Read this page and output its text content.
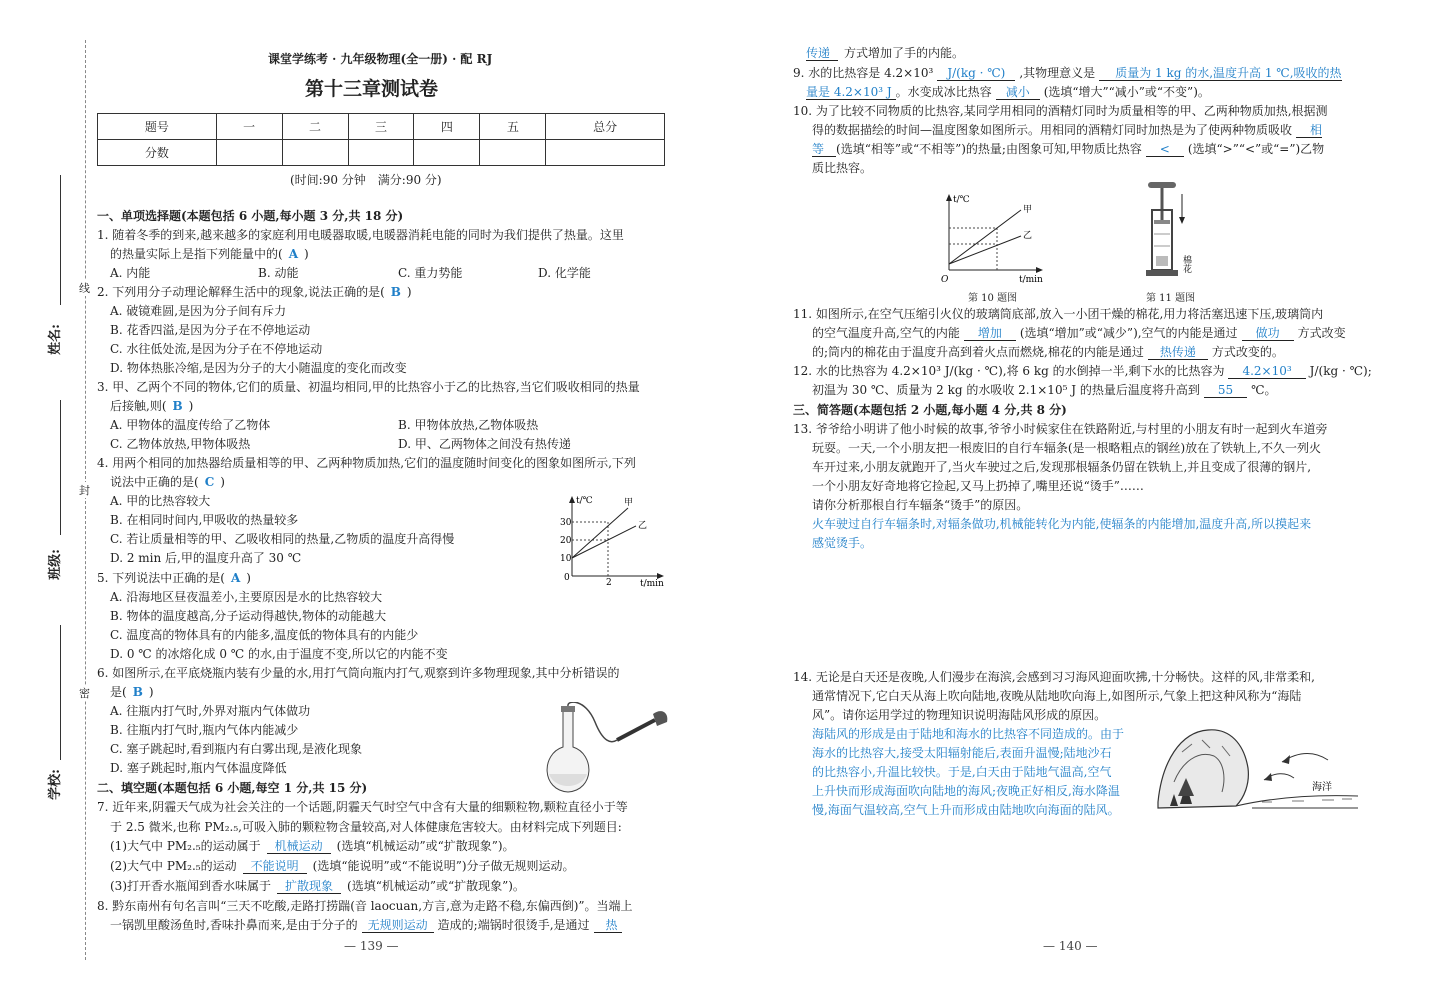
姓名:
班级:
学校:
线
封
密
课堂学练考 · 九年级物理(全一册) · 配 RJ
第十三章测试卷
题号	一	二	三	四	五	总分
分数						
(时间:90 分钟　满分:90 分)
一、单项选择题(本题包括 6 小题,每小题 3 分,共 18 分)
1. 随着冬季的到来,越来越多的家庭利用电暖器取暖,电暖器消耗电能的同时为我们提供了热量。这里
的热量实际上是指下列能量中的( A )
A. 内能	B. 动能	C. 重力势能	D. 化学能
2. 下列用分子动理论解释生活中的现象,说法正确的是( B )
A. 破镜难圆,是因为分子间有斥力
B. 花香四溢,是因为分子在不停地运动
C. 水往低处流,是因为分子在不停地运动
D. 物体热胀冷缩,是因为分子的大小随温度的变化而改变
3. 甲、乙两个不同的物体,它们的质量、初温均相同,甲的比热容小于乙的比热容,当它们吸收相同的热量
后接触,则( B )
A. 甲物体的温度传给了乙物体	B. 甲物体放热,乙物体吸热
C. 乙物体放热,甲物体吸热	D. 甲、乙两物体之间没有热传递
4. 用两个相同的加热器给质量相等的甲、乙两种物质加热,它们的温度随时间变化的图象如图所示,下列
说法中正确的是( C )
A. 甲的比热容较大
B. 在相同时间内,甲吸收的热量较多
C. 若让质量相等的甲、乙吸收相同的热量,乙物质的温度升高得慢
D. 2 min 后,甲的温度升高了 30 ℃
t/℃
t/min
30
20
10
0	2
甲
乙
5. 下列说法中正确的是( A )
A. 沿海地区昼夜温差小,主要原因是水的比热容较大
B. 物体的温度越高,分子运动得越快,物体的动能越大
C. 温度高的物体具有的内能多,温度低的物体具有的内能少
D. 0 ℃ 的冰熔化成 0 ℃ 的水,由于温度不变,所以它的内能不变
6. 如图所示,在平底烧瓶内装有少量的水,用打气筒向瓶内打气,观察到许多物理现象,其中分析错误的
是( B )
A. 往瓶内打气时,外界对瓶内气体做功
B. 往瓶内打气时,瓶内气体内能减少
C. 塞子跳起时,看到瓶内有白雾出现,是液化现象
D. 塞子跳起时,瓶内气体温度降低
二、填空题(本题包括 6 小题,每空 1 分,共 15 分)
7. 近年来,阴霾天气成为社会关注的一个话题,阴霾天气时空气中含有大量的细颗粒物,颗粒直径小于等
于 2.5 微米,也称 PM₂.₅,可吸入肺的颗粒物含量较高,对人体健康危害较大。由材料完成下列题目:
(1)大气中 PM₂.₅的运动属于 机械运动 (选填“机械运动”或“扩散现象”)。
(2)大气中 PM₂.₅的运动 不能说明 (选填“能说明”或“不能说明”)分子做无规则运动。
(3)打开香水瓶闻到香水味属于 扩散现象 (选填“机械运动”或“扩散现象”)。
8. 黔东南州有句名言叫“三天不吃酸,走路打捞踹(音 laocuan,方言,意为走路不稳,东偏西倒)”。当端上
一锅凯里酸汤鱼时,香味扑鼻而来,是由于分子的 无规则运动 造成的;端锅时很烫手,是通过 热
— 139 —
传递 方式增加了手的内能。
9. 水的比热容是 4.2×10³ J/(kg · ℃) ,其物理意义是 质量为 1 kg 的水,温度升高 1 ℃,吸收的热
量是 4.2×10³ J 。水变成冰比热容 减小 (选填“增大”“减小”或“不变”)。
10. 为了比较不同物质的比热容,某同学用相同的酒精灯同时为质量相等的甲、乙两种物质加热,根据测
得的数据描绘的时间—温度图象如图所示。用相同的酒精灯同时加热是为了使两种物质吸收 相
等 (选填“相等”或“不相等”)的热量;由图象可知,甲物质比热容 < (选填“>”“<”或“=”)乙物
质比热容。
t/℃
t/min
O
甲
乙
第 10 题图
棉花
第 11 题图
11. 如图所示,在空气压缩引火仪的玻璃筒底部,放入一小团干燥的棉花,用力将活塞迅速下压,玻璃筒内
的空气温度升高,空气的内能 增加 (选填“增加”或“减少”),空气的内能是通过 做功 方式改变
的;筒内的棉花由于温度升高到着火点而燃烧,棉花的内能是通过 热传递 方式改变的。
12. 水的比热容为 4.2×10³ J/(kg · ℃),将 6 kg 的水倒掉一半,剩下水的比热容为 4.2×10³ J/(kg · ℃);
初温为 30 ℃、质量为 2 kg 的水吸收 2.1×10⁵ J 的热量后温度将升高到 55 ℃。
三、简答题(本题包括 2 小题,每小题 4 分,共 8 分)
13. 爷爷给小明讲了他小时候的故事,爷爷小时候家住在铁路附近,与村里的小朋友有时一起到火车道旁
玩耍。一天,一个小朋友把一根废旧的自行车辐条(是一根略粗点的钢丝)放在了铁轨上,不久一列火
车开过来,小朋友就跑开了,当火车驶过之后,发现那根辐条仍留在铁轨上,并且变成了很薄的钢片,
一个小朋友好奇地将它捡起,又马上扔掉了,嘴里还说“烫手”……
请你分析那根自行车辐条“烫手”的原因。
火车驶过自行车辐条时,对辐条做功,机械能转化为内能,使辐条的内能增加,温度升高,所以摸起来
感觉烫手。
14. 无论是白天还是夜晚,人们漫步在海滨,会感到习习海风迎面吹拂,十分畅快。这样的风,非常柔和,
通常情况下,它白天从海上吹向陆地,夜晚从陆地吹向海上,如图所示,气象上把这种风称为“海陆
风”。请你运用学过的物理知识说明海陆风形成的原因。
海陆风的形成是由于陆地和海水的比热容不同造成的。由于
海水的比热容大,接受太阳辐射能后,表面升温慢;陆地沙石
的比热容小,升温比较快。于是,白天由于陆地气温高,空气
上升快而形成海面吹向陆地的海风;夜晚正好相反,海水降温
慢,海面气温较高,空气上升而形成由陆地吹向海面的陆风。
海洋
— 140 —
